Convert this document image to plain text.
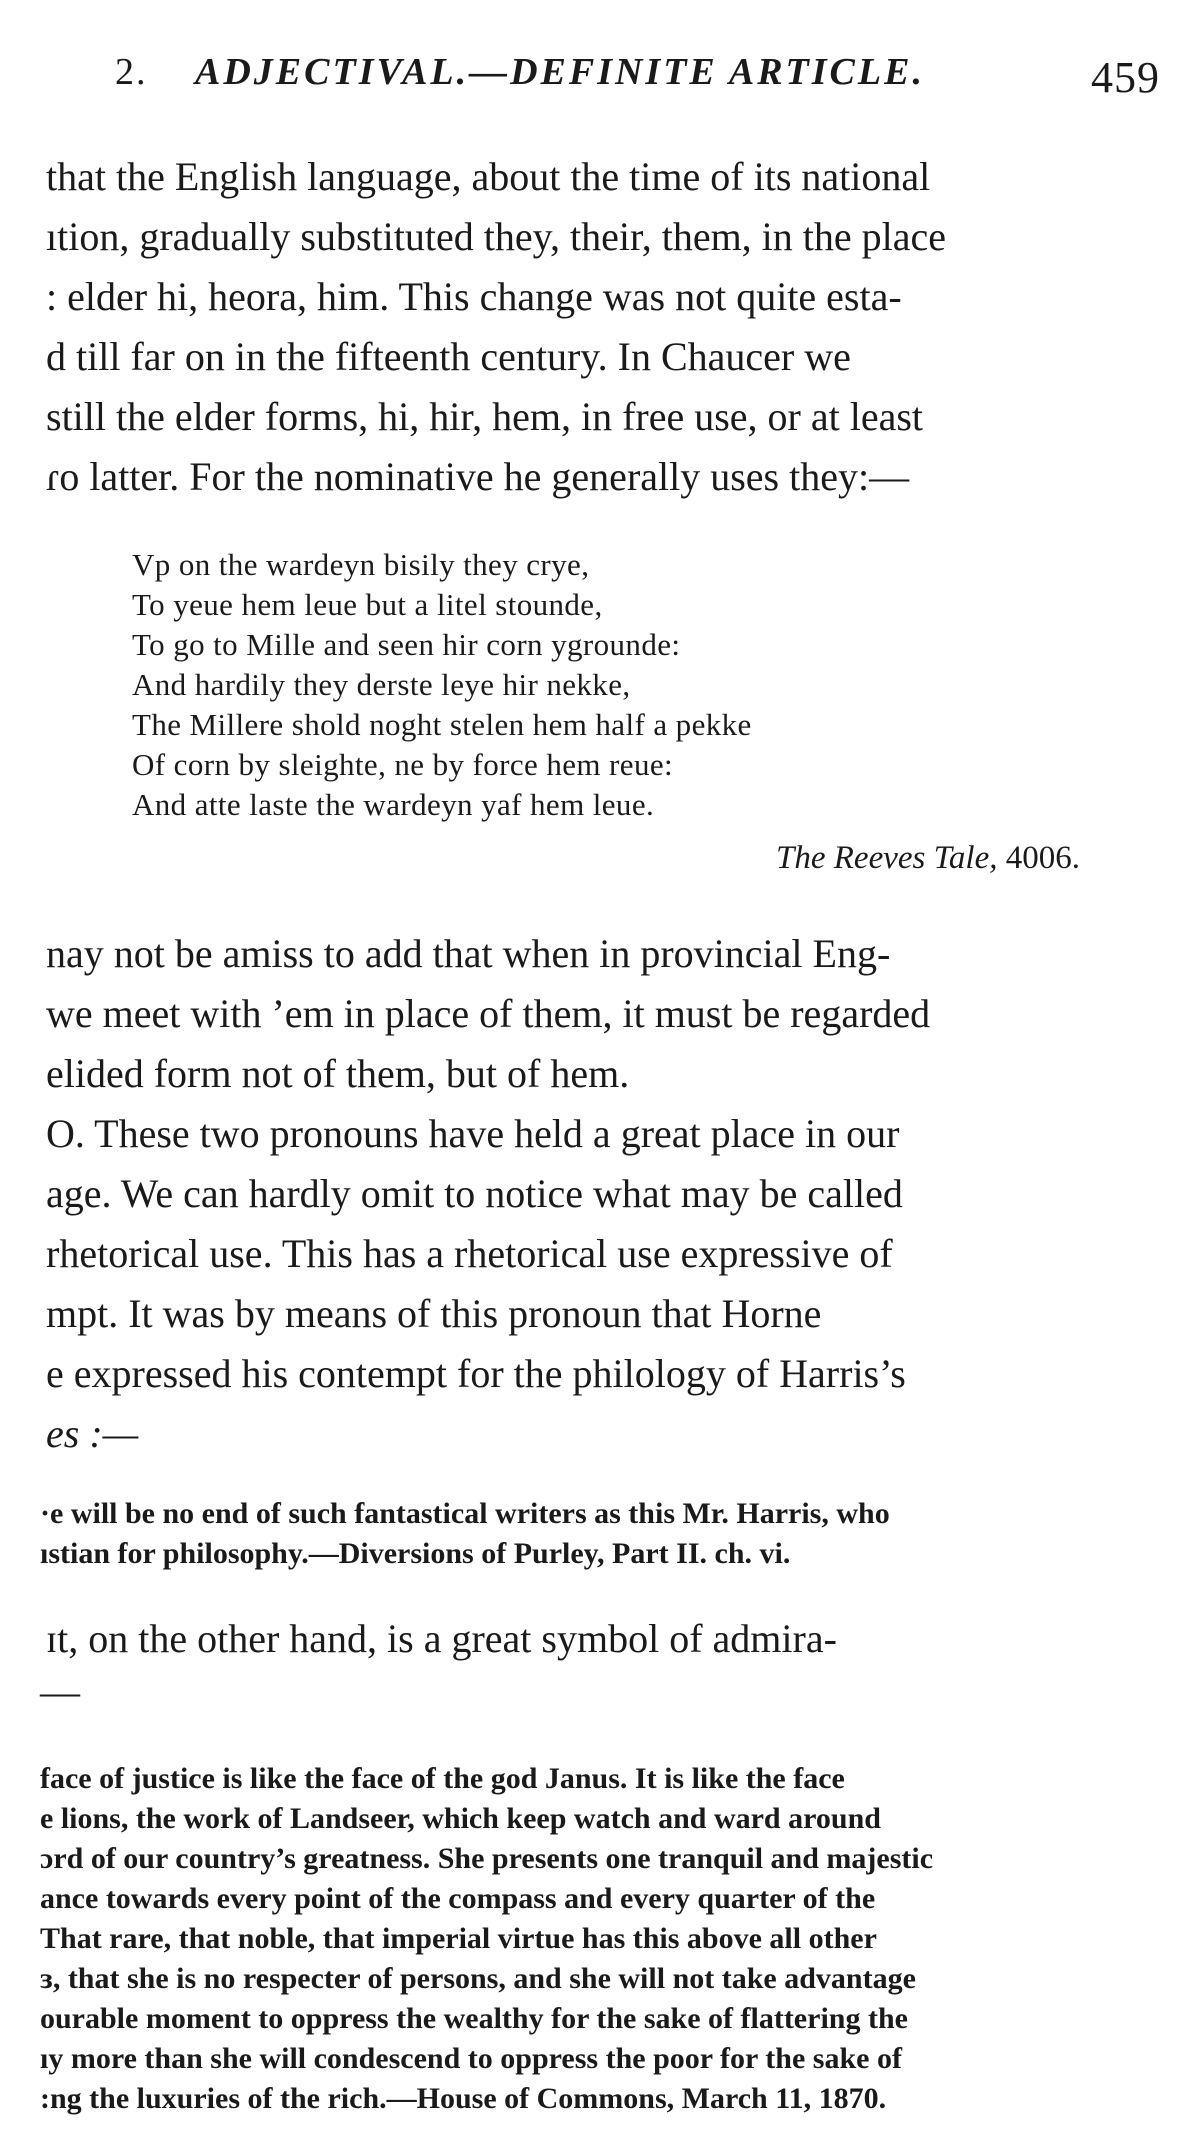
2. ADJECTIVAL.—DEFINITE ARTICLE.	459
that the English language, about the time of its national
ıtion, gradually substituted they, their, them, in the place
: elder hi, heora, him. This change was not quite esta-
d till far on in the fifteenth century. In Chaucer we
still the elder forms, hi, hir, hem, in free use, or at least
ɾo latter. For the nominative he generally uses they:—
Vp on the wardeyn bisily they crye,
To yeue hem leue but a litel stounde,
To go to Mille and seen hir corn ygrounde:
And hardily they derste leye hir nekke,
The Millere shold noght stelen hem half a pekke
Of corn by sleighte, ne by force hem reue:
And atte laste the wardeyn yaf hem leue.
The Reeves Tale, 4006.
nay not be amiss to add that when in provincial Eng-
we meet with ’em in place of them, it must be regarded
elided form not of them, but of hem.
O. These two pronouns have held a great place in our
age. We can hardly omit to notice what may be called
rhetorical use. This has a rhetorical use expressive of
mpt. It was by means of this pronoun that Horne
e expressed his contempt for the philology of Harris’s
es :—
·e will be no end of such fantastical writers as this Mr. Harris, who
ıstian for philosophy.—Diversions of Purley, Part II. ch. vi.
ɪt, on the other hand, is a great symbol of admira-
—
face of justice is like the face of the god Janus. It is like the face
e lions, the work of Landseer, which keep watch and ward around
ɔrd of our country’s greatness. She presents one tranquil and majestic
ance towards every point of the compass and every quarter of the
That rare, that noble, that imperial virtue has this above all other
ɜ, that she is no respecter of persons, and she will not take advantage
ourable moment to oppress the wealthy for the sake of flattering the
ıy more than she will condescend to oppress the poor for the sake of
:ng the luxuries of the rich.—House of Commons, March 11, 1870.
